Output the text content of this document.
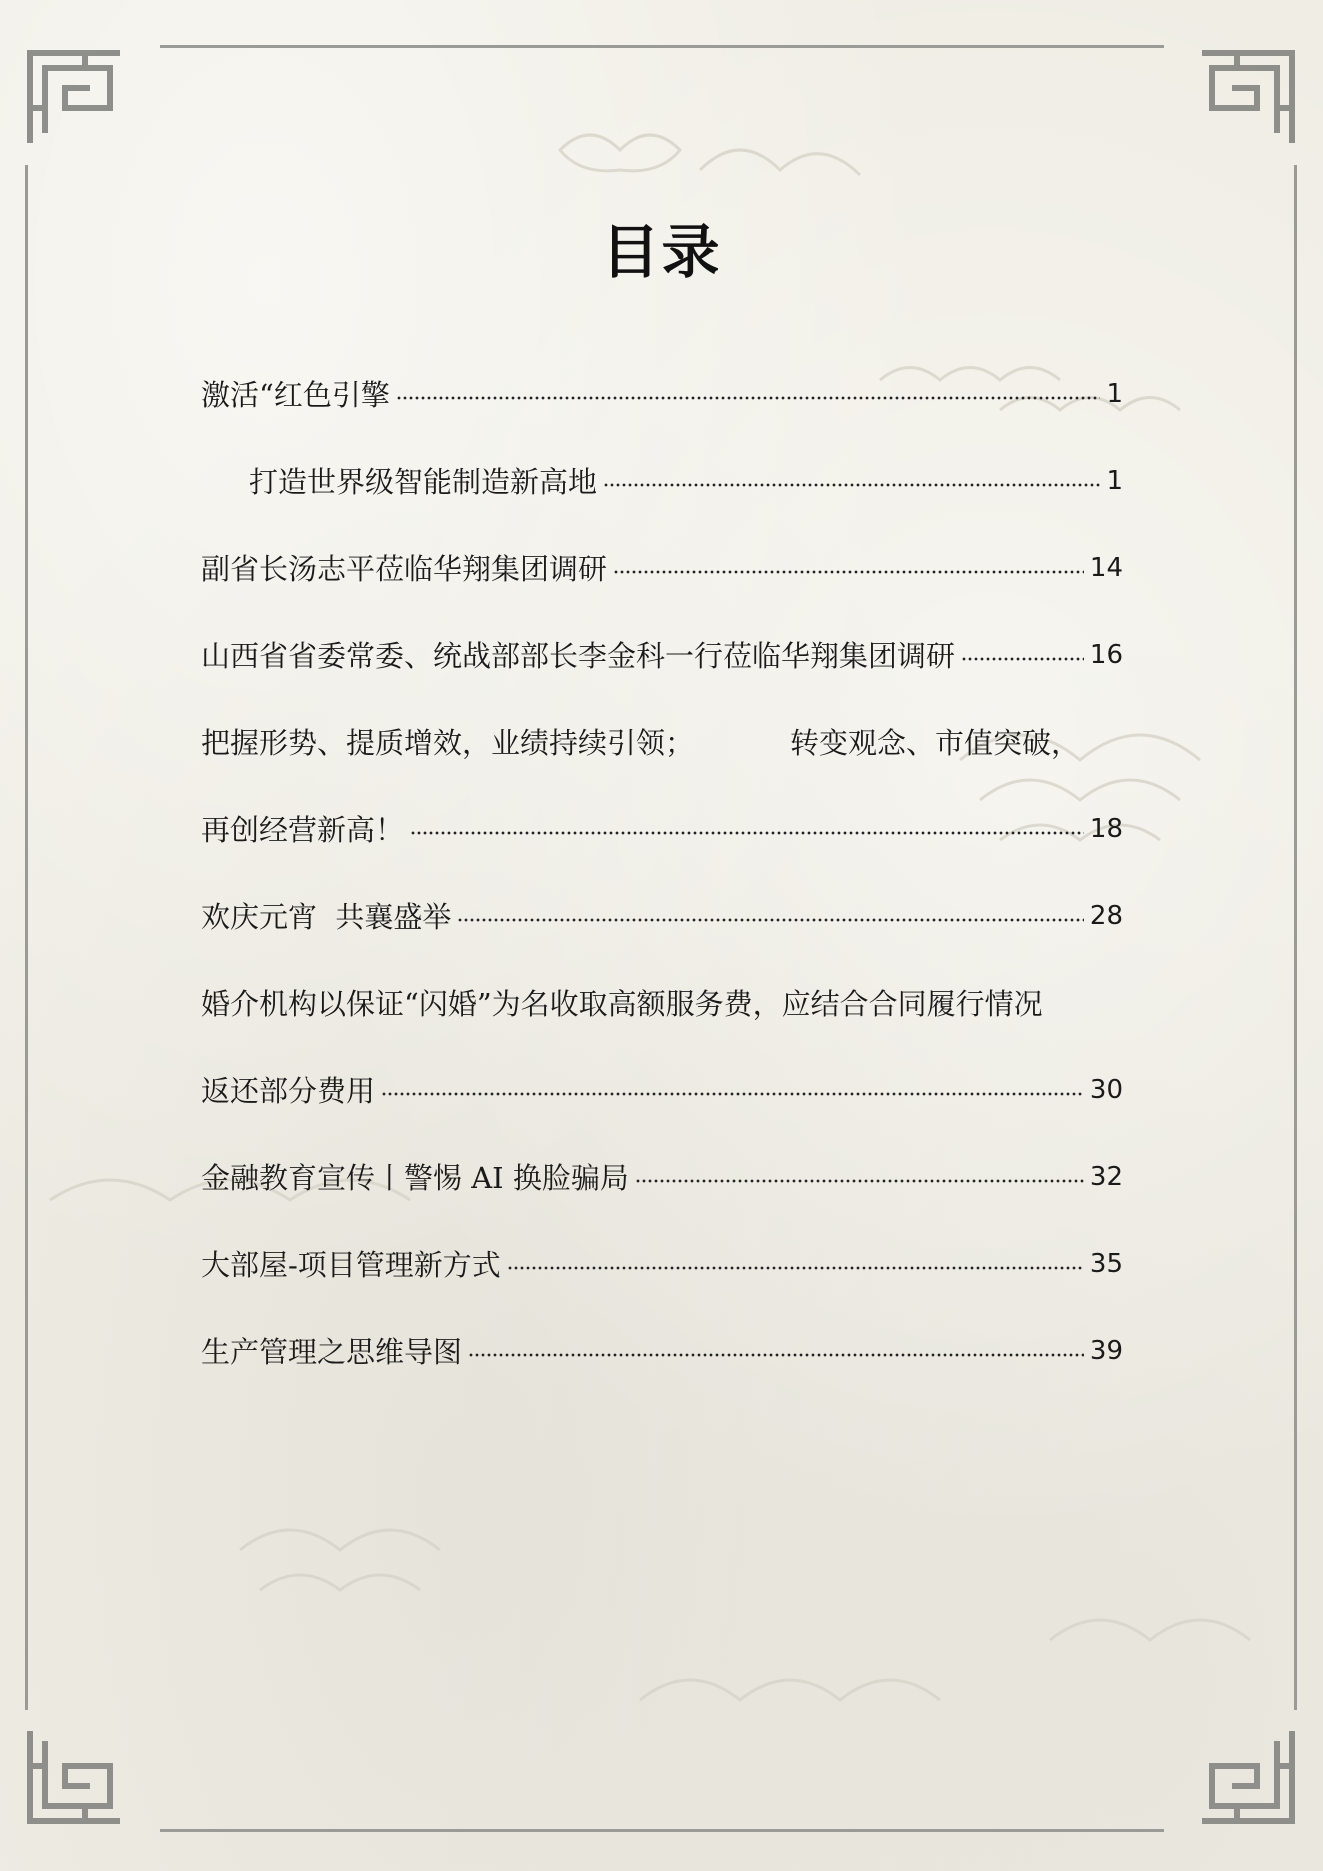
目录
激活“红色引擎	1
打造世界级智能制造新高地	1
副省长汤志平莅临华翔集团调研	14
山西省省委常委、统战部部长李金科一行莅临华翔集团调研	16
把握形势、提质增效，业绩持续引领；	转变观念、市值突破，
再创经营新高！	18
欢庆元宵  共襄盛举	28
婚介机构以保证“闪婚”为名收取高额服务费，应结合合同履行情况
返还部分费用	30
金融教育宣传丨警惕 AI 换脸骗局	32
大部屋-项目管理新方式	35
生产管理之思维导图	39
